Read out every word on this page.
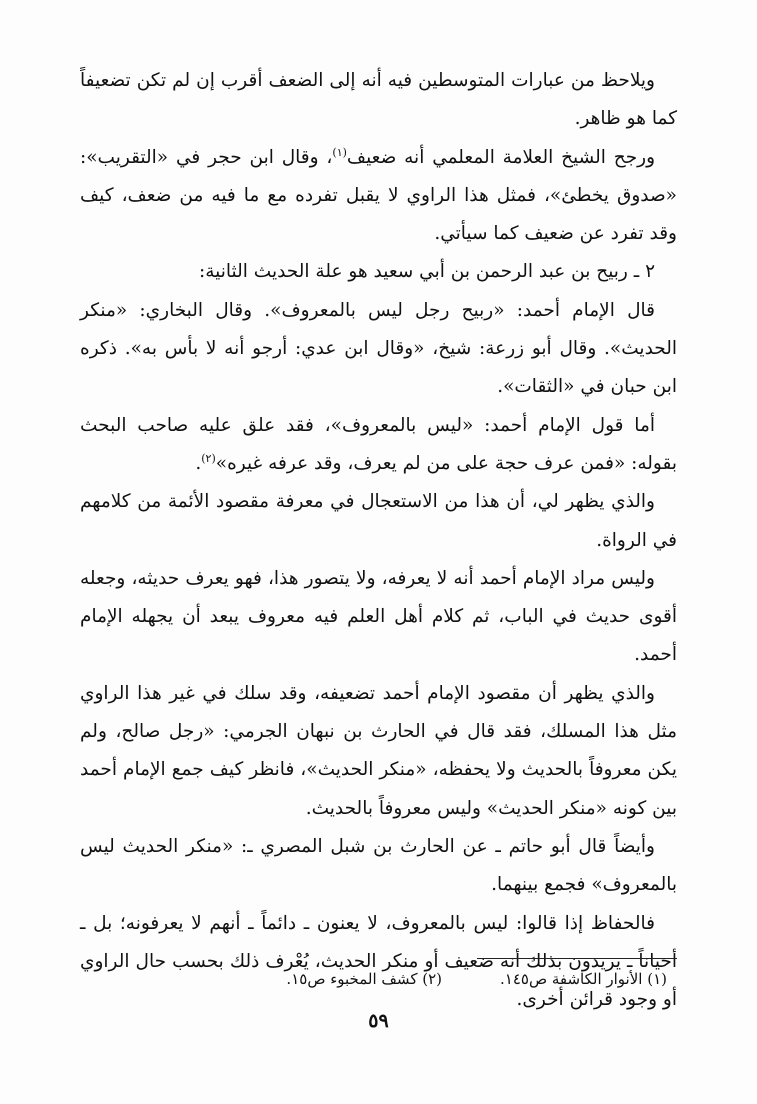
ويلاحظ من عبارات المتوسطين فيه أنه إلى الضعف أقرب إن لم تكن تضعيفاً كما هو ظاهر.

ورجح الشيخ العلامة المعلمي أنه ضعيف$^{(١)}$، وقال ابن حجر في «التقريب»: «صدوق يخطئ»، فمثل هذا الراوي لا يقبل تفرده مع ما فيه من ضعف، كيف وقد تفرد عن ضعيف كما سيأتي.

٢ ـ ربيح بن عبد الرحمن بن أبي سعيد هو علة الحديث الثانية:

قال الإمام أحمد: «ربيح رجل ليس بالمعروف». وقال البخاري: «منكر الحديث». وقال أبو زرعة: شيخ، «وقال ابن عدي: أرجو أنه لا بأس به». ذكره ابن حبان في «الثقات».

أما قول الإمام أحمد: «ليس بالمعروف»، فقد علق عليه صاحب البحث بقوله: «فمن عرف حجة على من لم يعرف، وقد عرفه غيره»$^{(٢)}$.

والذي يظهر لي، أن هذا من الاستعجال في معرفة مقصود الأئمة من كلامهم في الرواة.

وليس مراد الإمام أحمد أنه لا يعرفه، ولا يتصور هذا، فهو يعرف حديثه، وجعله أقوى حديث في الباب، ثم كلام أهل العلم فيه معروف يبعد أن يجهله الإمام أحمد.

والذي يظهر أن مقصود الإمام أحمد تضعيفه، وقد سلك في غير هذا الراوي مثل هذا المسلك، فقد قال في الحارث بن نبهان الجرمي: «رجل صالح، ولم يكن معروفاً بالحديث ولا يحفظه، «منكر الحديث»، فانظر كيف جمع الإمام أحمد بين كونه «منكر الحديث» وليس معروفاً بالحديث.

وأيضاً قال أبو حاتم ـ عن الحارث بن شبل المصري ـ: «منكر الحديث ليس بالمعروف» فجمع بينهما.

فالحفاظ إذا قالوا: ليس بالمعروف، لا يعنون ـ دائماً ـ أنهم لا يعرفونه؛ بل ـ أحياناً ـ يريدون بذلك أنه ضعيف أو منكر الحديث، يُعْرف ذلك بحسب حال الراوي أو وجود قرائن أخرى.

(١) الأنوار الكاشفة ص١٤٥.
(٢) كشف المخبوء ص١٥.
٥٩
